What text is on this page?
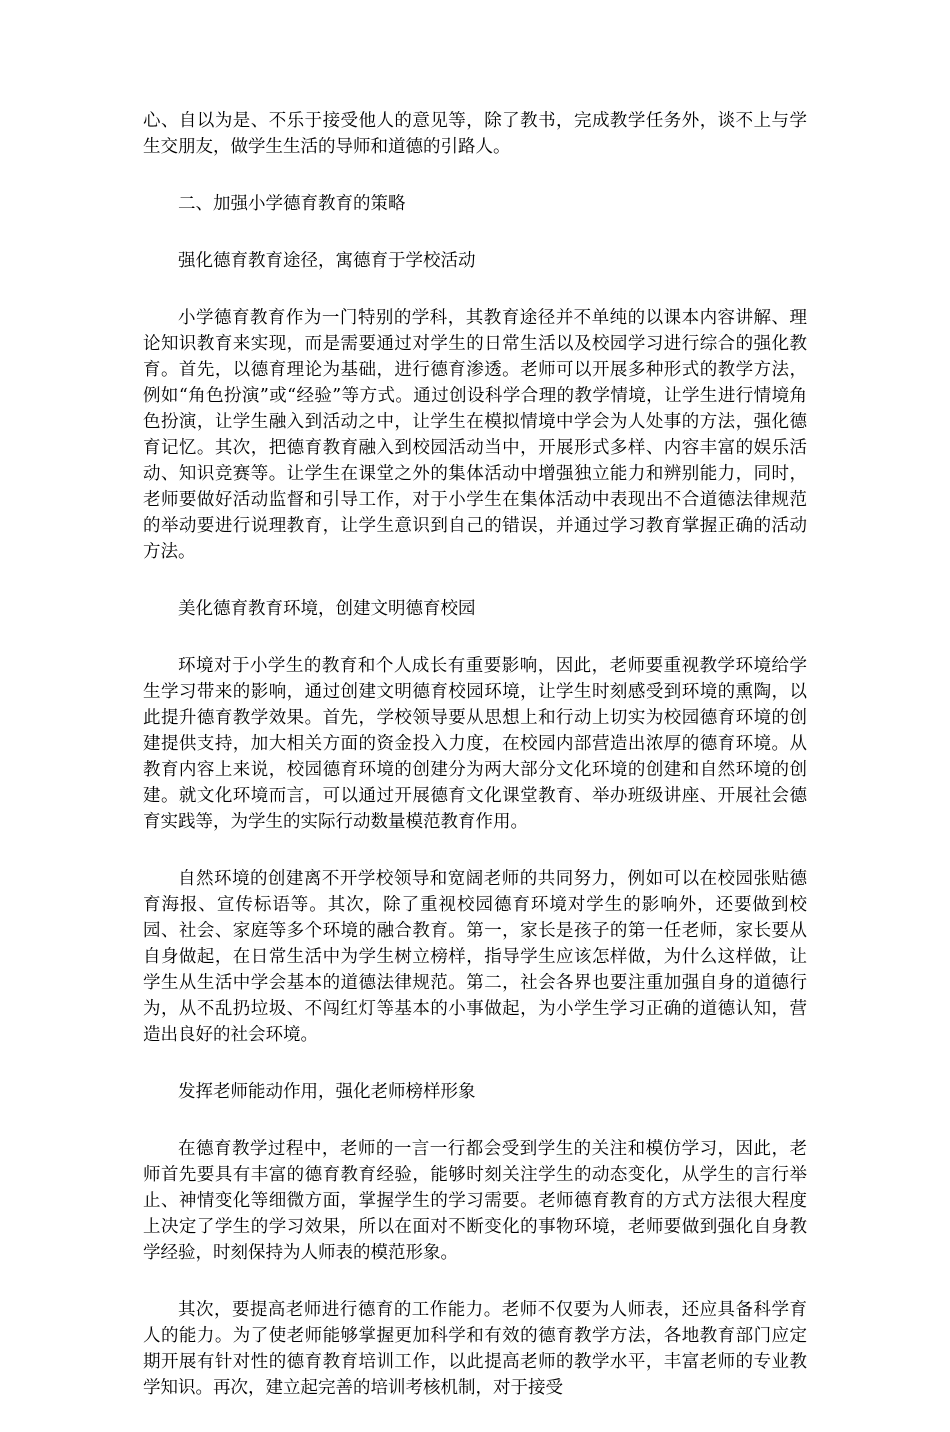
心、自以为是、不乐于接受他人的意见等，除了教书，完成教学任务外，谈不上与学生交朋友，做学生生活的导师和道德的引路人。

二、加强小学德育教育的策略

强化德育教育途径，寓德育于学校活动

小学德育教育作为一门特别的学科，其教育途径并不单纯的以课本内容讲解、理论知识教育来实现，而是需要通过对学生的日常生活以及校园学习进行综合的强化教育。首先，以德育理论为基础，进行德育渗透。老师可以开展多种形式的教学方法，例如“角色扮演”或“经验”等方式。通过创设科学合理的教学情境，让学生进行情境角色扮演，让学生融入到活动之中，让学生在模拟情境中学会为人处事的方法，强化德育记忆。其次，把德育教育融入到校园活动当中，开展形式多样、内容丰富的娱乐活动、知识竞赛等。让学生在课堂之外的集体活动中增强独立能力和辨别能力，同时，老师要做好活动监督和引导工作，对于小学生在集体活动中表现出不合道德法律规范的举动要进行说理教育，让学生意识到自己的错误，并通过学习教育掌握正确的活动方法。

美化德育教育环境，创建文明德育校园

环境对于小学生的教育和个人成长有重要影响，因此，老师要重视教学环境给学生学习带来的影响，通过创建文明德育校园环境，让学生时刻感受到环境的熏陶，以此提升德育教学效果。首先，学校领导要从思想上和行动上切实为校园德育环境的创建提供支持，加大相关方面的资金投入力度，在校园内部营造出浓厚的德育环境。从教育内容上来说，校园德育环境的创建分为两大部分文化环境的创建和自然环境的创建。就文化环境而言，可以通过开展德育文化课堂教育、举办班级讲座、开展社会德育实践等，为学生的实际行动数量模范教育作用。

自然环境的创建离不开学校领导和宽阔老师的共同努力，例如可以在校园张贴德育海报、宣传标语等。其次，除了重视校园德育环境对学生的影响外，还要做到校园、社会、家庭等多个环境的融合教育。第一，家长是孩子的第一任老师，家长要从自身做起，在日常生活中为学生树立榜样，指导学生应该怎样做，为什么这样做，让学生从生活中学会基本的道德法律规范。第二，社会各界也要注重加强自身的道德行为，从不乱扔垃圾、不闯红灯等基本的小事做起，为小学生学习正确的道德认知，营造出良好的社会环境。

发挥老师能动作用，强化老师榜样形象

在德育教学过程中，老师的一言一行都会受到学生的关注和模仿学习，因此，老师首先要具有丰富的德育教育经验，能够时刻关注学生的动态变化，从学生的言行举止、神情变化等细微方面，掌握学生的学习需要。老师德育教育的方式方法很大程度上决定了学生的学习效果，所以在面对不断变化的事物环境，老师要做到强化自身教学经验，时刻保持为人师表的模范形象。

其次，要提高老师进行德育的工作能力。老师不仅要为人师表，还应具备科学育人的能力。为了使老师能够掌握更加科学和有效的德育教学方法，各地教育部门应定期开展有针对性的德育教育培训工作，以此提高老师的教学水平，丰富老师的专业教学知识。再次，建立起完善的培训考核机制，对于接受
